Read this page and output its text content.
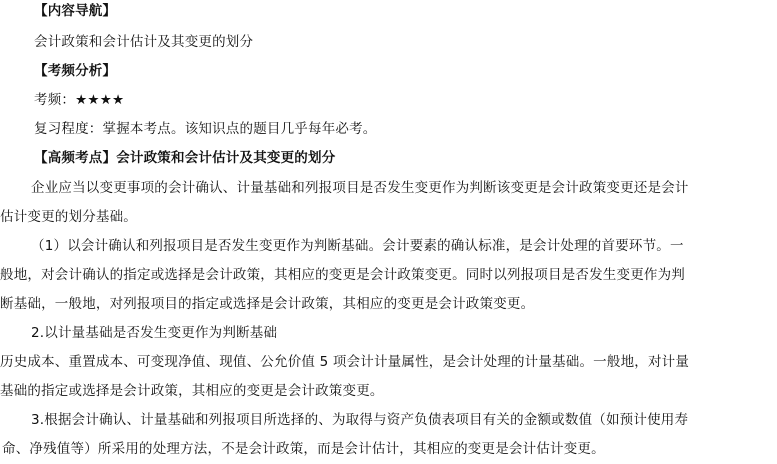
【内容导航】
会计政策和会计估计及其变更的划分
【考频分析】
考频：★★★★
复习程度：掌握本考点。该知识点的题目几乎每年必考。
【高频考点】会计政策和会计估计及其变更的划分
企业应当以变更事项的会计确认、计量基础和列报项目是否发生变更作为判断该变更是会计政策变更还是会计
估计变更的划分基础。
（1）以会计确认和列报项目是否发生变更作为判断基础。会计要素的确认标准，是会计处理的首要环节。一
般地，对会计确认的指定或选择是会计政策，其相应的变更是会计政策变更。同时以列报项目是否发生变更作为判
断基础，一般地，对列报项目的指定或选择是会计政策，其相应的变更是会计政策变更。
2.以计量基础是否发生变更作为判断基础
历史成本、重置成本、可变现净值、现值、公允价值 5 项会计计量属性，是会计处理的计量基础。一般地，对计量
基础的指定或选择是会计政策，其相应的变更是会计政策变更。
3.根据会计确认、计量基础和列报项目所选择的、为取得与资产负债表项目有关的金额或数值（如预计使用寿
命、净残值等）所采用的处理方法，不是会计政策，而是会计估计，其相应的变更是会计估计变更。
